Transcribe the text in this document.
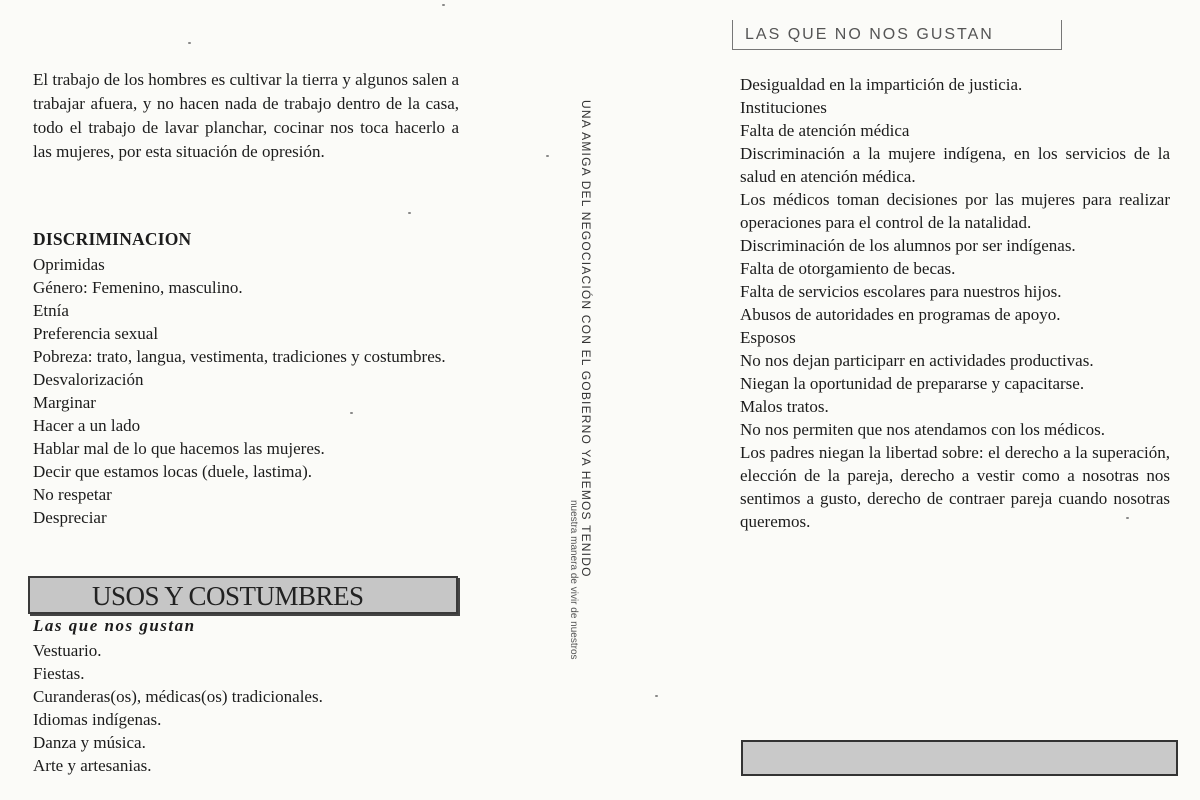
El trabajo de los hombres es cultivar la tierra y algunos salen a trabajar afuera, y no hacen nada de trabajo dentro de la casa, todo el trabajo de lavar planchar, cocinar nos toca hacerlo a las mujeres, por esta situación de opresión.

DISCRIMINACION
Oprimidas
Género: Femenino, masculino.
Etnía
Preferencia sexual
Pobreza: trato, langua, vestimenta, tradiciones y costumbres.
Desvalorización
Marginar
Hacer a un lado
Hablar mal de lo que hacemos las mujeres.
Decir que estamos locas (duele, lastima).
No respetar
Despreciar
USOS Y COSTUMBRES
Las que nos gustan
Vestuario.
Fiestas.
Curanderas(os), médicas(os) tradicionales.
Idiomas indígenas.
Danza y música.
Arte y artesanias.
UNA AMIGA DEL NEGOCIACIÓN CON EL GOBIERNO YA HEMOS TENIDO
nuestra manera de vivir de nuestros
LAS QUE NO NOS GUSTAN
Desigualdad en la impartición de justicia.
Instituciones
Falta de atención médica
Discriminación a la mujere indígena, en los servicios de la salud en atención médica.
Los médicos toman decisiones por las mujeres para realizar operaciones para el control de la natalidad.
Discriminación de los alumnos por ser indígenas.
Falta de otorgamiento de becas.
Falta de servicios escolares para nuestros hijos.
Abusos de autoridades en programas de apoyo.
Esposos
No nos dejan participarr en actividades productivas.
Niegan la oportunidad de prepararse y capacitarse.
Malos tratos.
No nos permiten que nos atendamos con los médicos.
Los padres niegan la libertad sobre: el derecho a la superación, elección de la pareja, derecho a vestir como a nosotras nos sentimos a gusto, derecho de contraer pareja cuando nosotras queremos.
